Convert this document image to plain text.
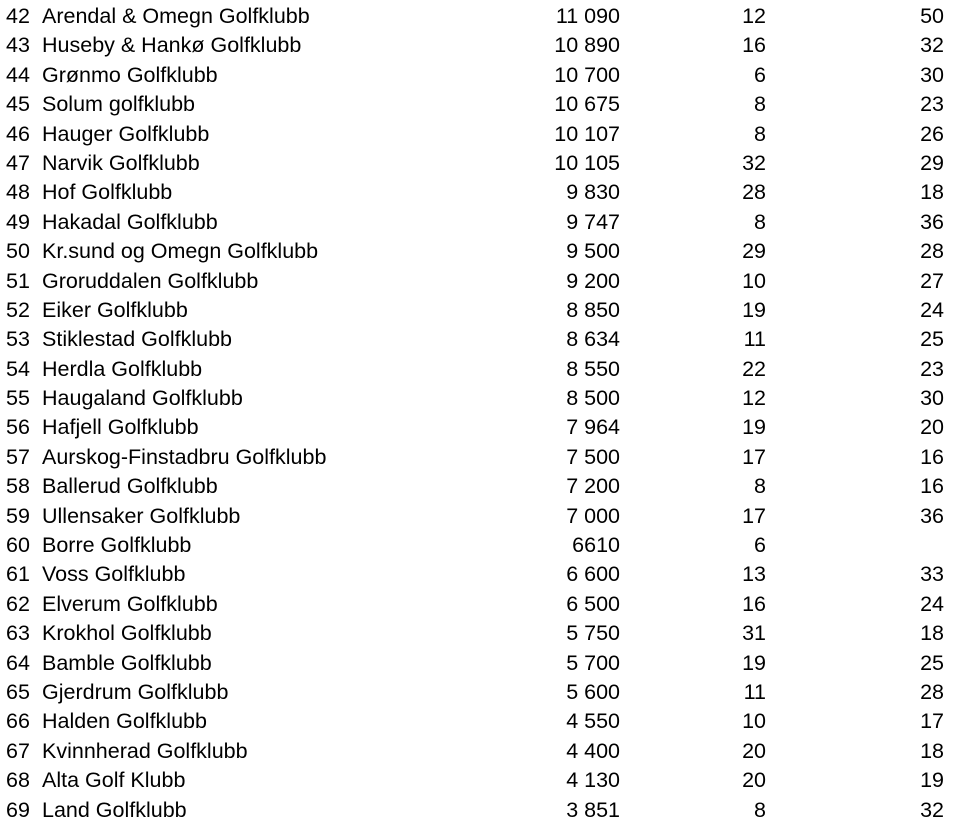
42 Arendal & Omegn Golfklubb	11 090	12	50
43 Huseby & Hankø Golfklubb	10 890	16	32
44 Grønmo Golfklubb	10 700	6	30
45 Solum golfklubb	10 675	8	23
46 Hauger Golfklubb	10 107	8	26
47 Narvik Golfklubb	10 105	32	29
48 Hof Golfklubb	9 830	28	18
49 Hakadal Golfklubb	9 747	8	36
50 Kr.sund og Omegn Golfklubb	9 500	29	28
51 Groruddalen Golfklubb	9 200	10	27
52 Eiker Golfklubb	8 850	19	24
53 Stiklestad Golfklubb	8 634	11	25
54 Herdla Golfklubb	8 550	22	23
55 Haugaland Golfklubb	8 500	12	30
56 Hafjell Golfklubb	7 964	19	20
57 Aurskog-Finstadbru Golfklubb	7 500	17	16
58 Ballerud Golfklubb	7 200	8	16
59 Ullensaker Golfklubb	7 000	17	36
60 Borre Golfklubb	6610	6
61 Voss Golfklubb	6 600	13	33
62 Elverum Golfklubb	6 500	16	24
63 Krokhol Golfklubb	5 750	31	18
64 Bamble Golfklubb	5 700	19	25
65 Gjerdrum Golfklubb	5 600	11	28
66 Halden Golfklubb	4 550	10	17
67 Kvinnherad Golfklubb	4 400	20	18
68 Alta Golf Klubb	4 130	20	19
69 Land Golfklubb	3 851	8	32
